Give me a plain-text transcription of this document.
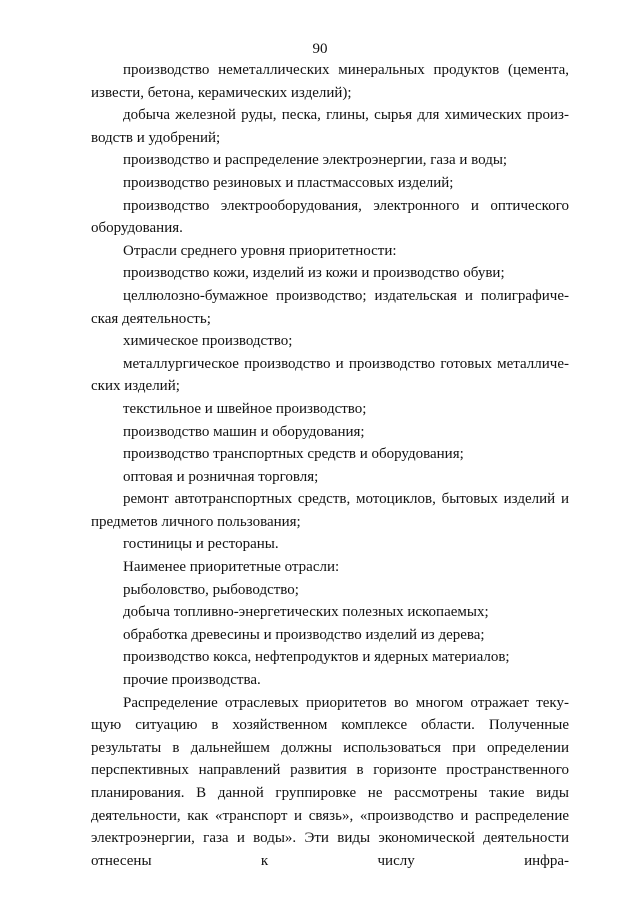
90

производство неметаллических минеральных продуктов (цемента, извести, бетона, керамических изделий);

добыча железной руды, песка, глины, сырья для химических производств и удобрений;

производство и распределение электроэнергии, газа и воды;

производство резиновых и пластмассовых изделий;

производство электрооборудования, электронного и оптического оборудования.

Отрасли среднего уровня приоритетности:

производство кожи, изделий из кожи и производство обуви;

целлюлозно-бумажное производство; издательская и полиграфическая деятельность;

химическое производство;

металлургическое производство и производство готовых металлических изделий;

текстильное и швейное производство;

производство машин и оборудования;

производство транспортных средств и оборудования;

оптовая и розничная торговля;

ремонт автотранспортных средств, мотоциклов, бытовых изделий и предметов личного пользования;

гостиницы и рестораны.

Наименее приоритетные отрасли:

рыболовство, рыбоводство;

добыча топливно-энергетических полезных ископаемых;

обработка древесины и производство изделий из дерева;

производство кокса, нефтепродуктов и ядерных материалов;

прочие производства.

Распределение отраслевых приоритетов во многом отражает текущую ситуацию в хозяйственном комплексе области. Полученные результаты в дальнейшем должны использоваться при определении перспективных направлений развития в горизонте пространственного планирования. В данной группировке не рассмотрены такие виды деятельности, как «транспорт и связь», «производство и распределение электроэнергии, газа и воды». Эти виды экономической деятельности отнесены к числу инфра-
